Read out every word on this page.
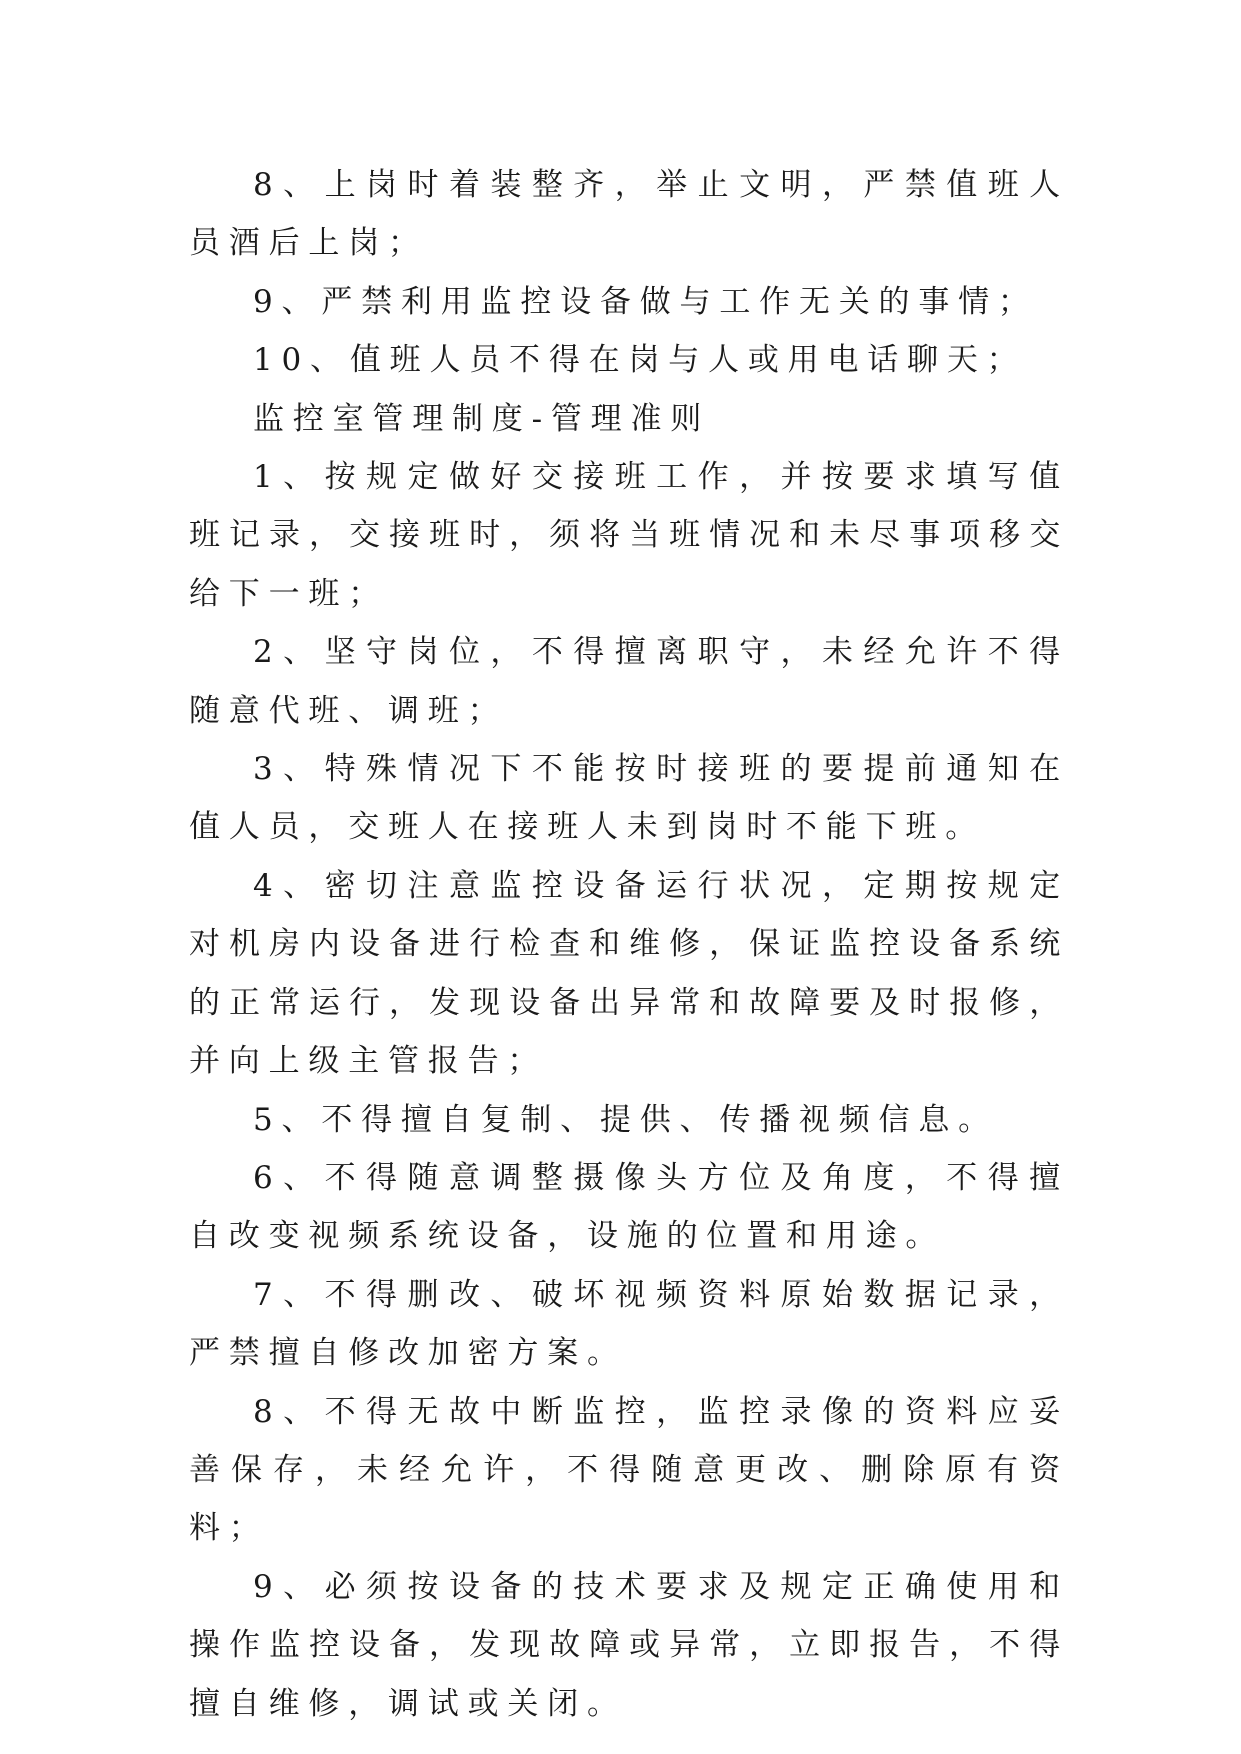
8、上岗时着装整齐，举止文明，严禁值班人员酒后上岗；

9、严禁利用监控设备做与工作无关的事情；

10、值班人员不得在岗与人或用电话聊天；

监控室管理制度-管理准则

1、按规定做好交接班工作，并按要求填写值班记录，交接班时，须将当班情况和未尽事项移交给下一班；

2、坚守岗位，不得擅离职守，未经允许不得随意代班、调班；

3、特殊情况下不能按时接班的要提前通知在值人员，交班人在接班人未到岗时不能下班。

4、密切注意监控设备运行状况，定期按规定对机房内设备进行检查和维修，保证监控设备系统的正常运行，发现设备出异常和故障要及时报修，并向上级主管报告；

5、不得擅自复制、提供、传播视频信息。

6、不得随意调整摄像头方位及角度，不得擅自改变视频系统设备，设施的位置和用途。

7、不得删改、破坏视频资料原始数据记录，严禁擅自修改加密方案。

8、不得无故中断监控，监控录像的资料应妥善保存，未经允许，不得随意更改、删除原有资料；

9、必须按设备的技术要求及规定正确使用和操作监控设备，发现故障或异常，立即报告，不得擅自维修，调试或关闭。
